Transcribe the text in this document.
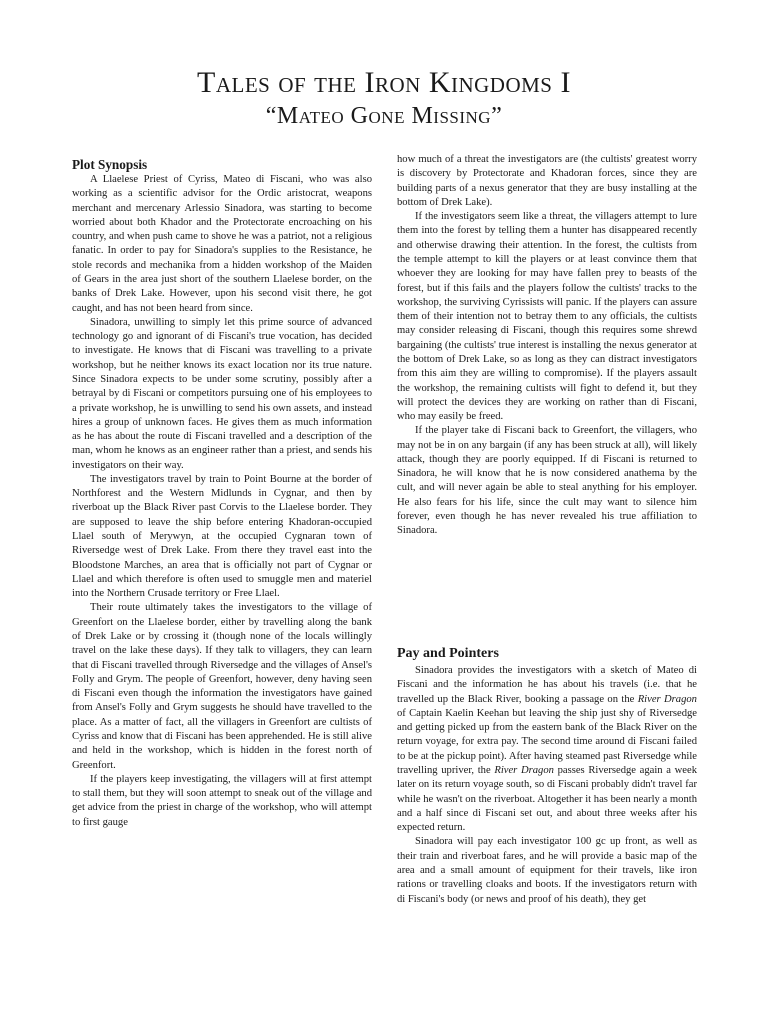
Tales of the Iron Kingdoms I
“Mateo Gone Missing”
Plot Synopsis

A Llaelese Priest of Cyriss, Mateo di Fiscani, who was also working as a scientific advisor for the Ordic aristocrat, weapons merchant and mercenary Arlessio Sinadora, was starting to become worried about both Khador and the Protectorate encroaching on his country, and when push came to shove he was a patriot, not a religious fanatic. In order to pay for Sinadora's supplies to the Resistance, he stole records and mechanika from a hidden workshop of the Maiden of Gears in the area just short of the southern Llaelese border, on the banks of Drek Lake. However, upon his second visit there, he got caught, and has not been heard from since.

Sinadora, unwilling to simply let this prime source of advanced technology go and ignorant of di Fiscani's true vocation, has decided to investigate. He knows that di Fiscani was travelling to a private workshop, but he neither knows its exact location nor its true nature. Since Sinadora expects to be under some scrutiny, possibly after a betrayal by di Fiscani or competitors pursuing one of his employees to a private workshop, he is unwilling to send his own assets, and instead hires a group of unknown faces. He gives them as much information as he has about the route di Fiscani travelled and a description of the man, whom he knows as an engineer rather than a priest, and sends his investigators on their way.

The investigators travel by train to Point Bourne at the border of Northforest and the Western Midlunds in Cygnar, and then by riverboat up the Black River past Corvis to the Llaelese border. They are supposed to leave the ship before entering Khadoran-occupied Llael south of Merywyn, at the occupied Cygnaran town of Riversedge west of Drek Lake. From there they travel east into the Bloodstone Marches, an area that is officially not part of Cygnar or Llael and which therefore is often used to smuggle men and materiel into the Northern Crusade territory or Free Llael.

Their route ultimately takes the investigators to the village of Greenfort on the Llaelese border, either by travelling along the bank of Drek Lake or by crossing it (though none of the locals willingly travel on the lake these days). If they talk to villagers, they can learn that di Fiscani travelled through Riversedge and the villages of Ansel's Folly and Grym. The people of Greenfort, however, deny having seen di Fiscani even though the information the investigators have gained from Ansel's Folly and Grym suggests he should have travelled to the place. As a matter of fact, all the villagers in Greenfort are cultists of Cyriss and know that di Fiscani has been apprehended. He is still alive and held in the workshop, which is hidden in the forest north of Greenfort.

If the players keep investigating, the villagers will at first attempt to stall them, but they will soon attempt to sneak out of the village and get advice from the priest in charge of the workshop, who will attempt to first gauge

how much of a threat the investigators are (the cultists' greatest worry is discovery by Protectorate and Khadoran forces, since they are building parts of a nexus generator that they are busy installing at the bottom of Drek Lake).

If the investigators seem like a threat, the villagers attempt to lure them into the forest by telling them a hunter has disappeared recently and otherwise drawing their attention. In the forest, the cultists from the temple attempt to kill the players or at least convince them that whoever they are looking for may have fallen prey to beasts of the forest, but if this fails and the players follow the cultists' tracks to the workshop, the surviving Cyrissists will panic. If the players can assure them of their intention not to betray them to any officials, the cultists may consider releasing di Fiscani, though this requires some shrewd bargaining (the cultists' true interest is installing the nexus generator at the bottom of Drek Lake, so as long as they can distract investigators from this aim they are willing to compromise). If the players assault the workshop, the remaining cultists will fight to defend it, but they will protect the devices they are working on rather than di Fiscani, who may easily be freed.

If the player take di Fiscani back to Greenfort, the villagers, who may not be in on any bargain (if any has been struck at all), will likely attack, though they are poorly equipped. If di Fiscani is returned to Sinadora, he will know that he is now considered anathema by the cult, and will never again be able to steal anything for his employer. He also fears for his life, since the cult may want to silence him forever, even though he has never revealed his true affiliation to Sinadora.

Pay and Pointers

Sinadora provides the investigators with a sketch of Mateo di Fiscani and the information he has about his travels (i.e. that he travelled up the Black River, booking a passage on the River Dragon of Captain Kaelin Keehan but leaving the ship just shy of Riversedge and getting picked up from the eastern bank of the Black River on the return voyage, for extra pay. The second time around di Fiscani failed to be at the pickup point). After having steamed past Riversedge while travelling upriver, the River Dragon passes Riversedge again a week later on its return voyage south, so di Fiscani probably didn't travel far while he wasn't on the riverboat. Altogether it has been nearly a month and a half since di Fiscani set out, and about three weeks after his expected return.

Sinadora will pay each investigator 100 gc up front, as well as their train and riverboat fares, and he will provide a basic map of the area and a small amount of equipment for their travels, like iron rations or travelling cloaks and boots. If the investigators return with di Fiscani's body (or news and proof of his death), they get
